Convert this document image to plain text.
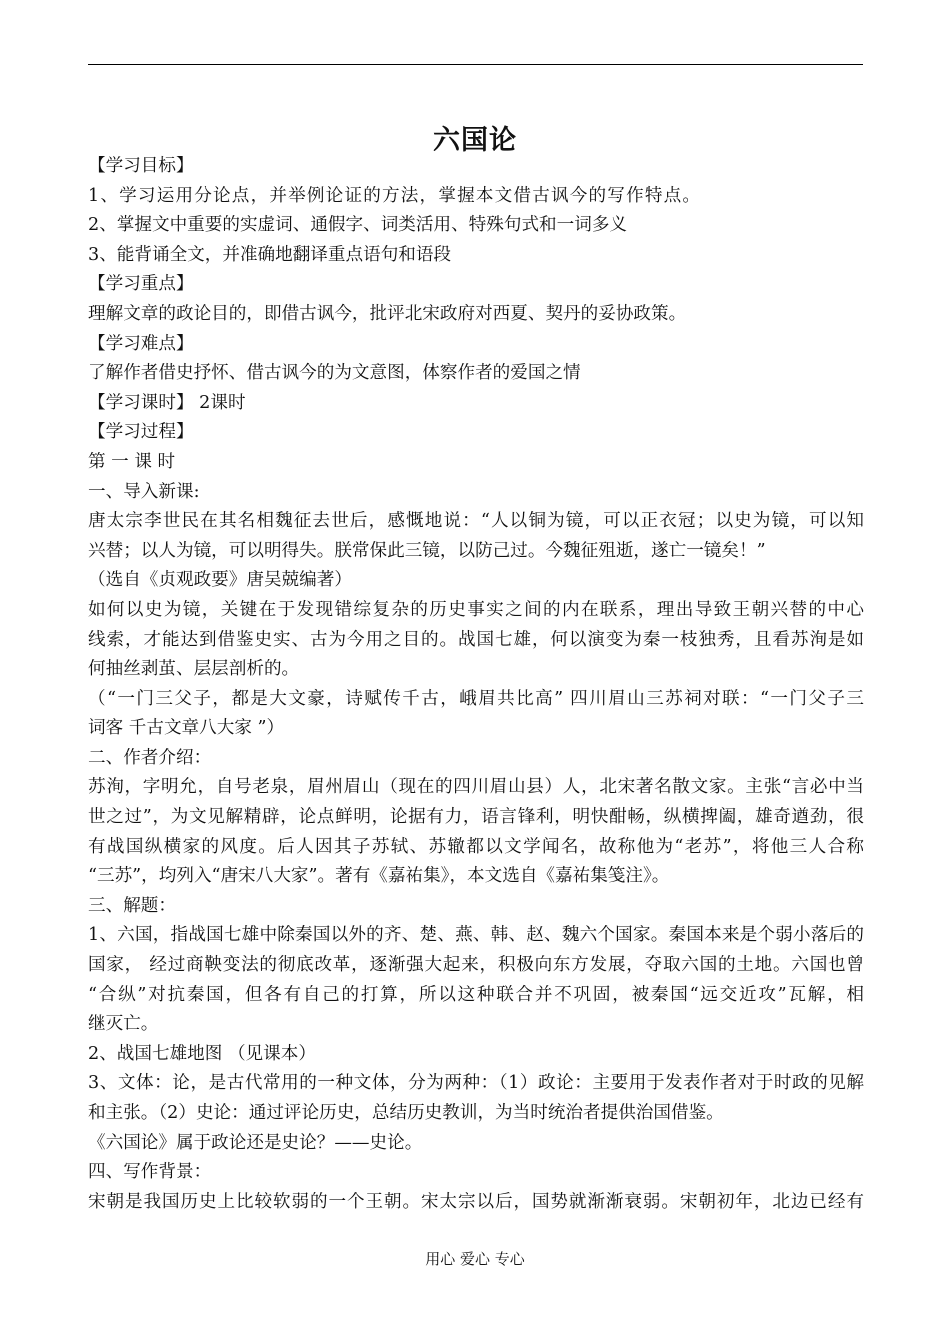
六国论
【学习目标】
1、学习运用分论点，并举例论证的方法，掌握本文借古讽今的写作特点。
2、掌握文中重要的实虚词、通假字、词类活用、特殊句式和一词多义
3、能背诵全文，并准确地翻译重点语句和语段
【学习重点】
理解文章的政论目的，即借古讽今，批评北宋政府对西夏、契丹的妥协政策。
【学习难点】
了解作者借史抒怀、借古讽今的为文意图，体察作者的爱国之情
【学习课时】 2课时
【学习过程】
第 一 课 时
一、导入新课:
唐太宗李世民在其名相魏征去世后，感慨地说：“人以铜为镜，可以正衣冠；以史为镜，可以知
兴替；以人为镜，可以明得失。朕常保此三镜，以防己过。今魏征殂逝，遂亡一镜矣！”
（选自《贞观政要》唐吴兢编著）
如何以史为镜，关键在于发现错综复杂的历史事实之间的内在联系，理出导致王朝兴替的中心
线索，才能达到借鉴史实、古为今用之目的。战国七雄，何以演变为秦一枝独秀，且看苏洵是如
何抽丝剥茧、层层剖析的。
（“一门三父子，都是大文豪，诗赋传千古，峨眉共比高” 四川眉山三苏祠对联：“一门父子三
词客 千古文章八大家 ”）
二、作者介绍：
苏洵，字明允，自号老泉，眉州眉山（现在的四川眉山县）人，北宋著名散文家。主张“言必中当
世之过”，为文见解精辟，论点鲜明，论据有力，语言锋利，明快酣畅，纵横捭阖，雄奇遒劲，很
有战国纵横家的风度。后人因其子苏轼、苏辙都以文学闻名，故称他为“老苏”，将他三人合称
“三苏”，均列入“唐宋八大家”。著有《嘉祐集》，本文选自《嘉祐集笺注》。
三、解题：
1、六国，指战国七雄中除秦国以外的齐、楚、燕、韩、赵、魏六个国家。秦国本来是个弱小落后的
国家， 经过商鞅变法的彻底改革，逐渐强大起来，积极向东方发展，夺取六国的土地。六国也曾
“合纵”对抗秦国，但各有自己的打算，所以这种联合并不巩固，被秦国“远交近攻”瓦解，相
继灭亡。
2、战国七雄地图 （见课本）
3、文体：论，是古代常用的一种文体，分为两种：（1）政论：主要用于发表作者对于时政的见解
和主张。（2）史论：通过评论历史，总结历史教训，为当时统治者提供治国借鉴。
《六国论》属于政论还是史论？——史论。
四、写作背景：
宋朝是我国历史上比较软弱的一个王朝。宋太宗以后，国势就渐渐衰弱。宋朝初年，北边已经有
用心 爱心 专心
